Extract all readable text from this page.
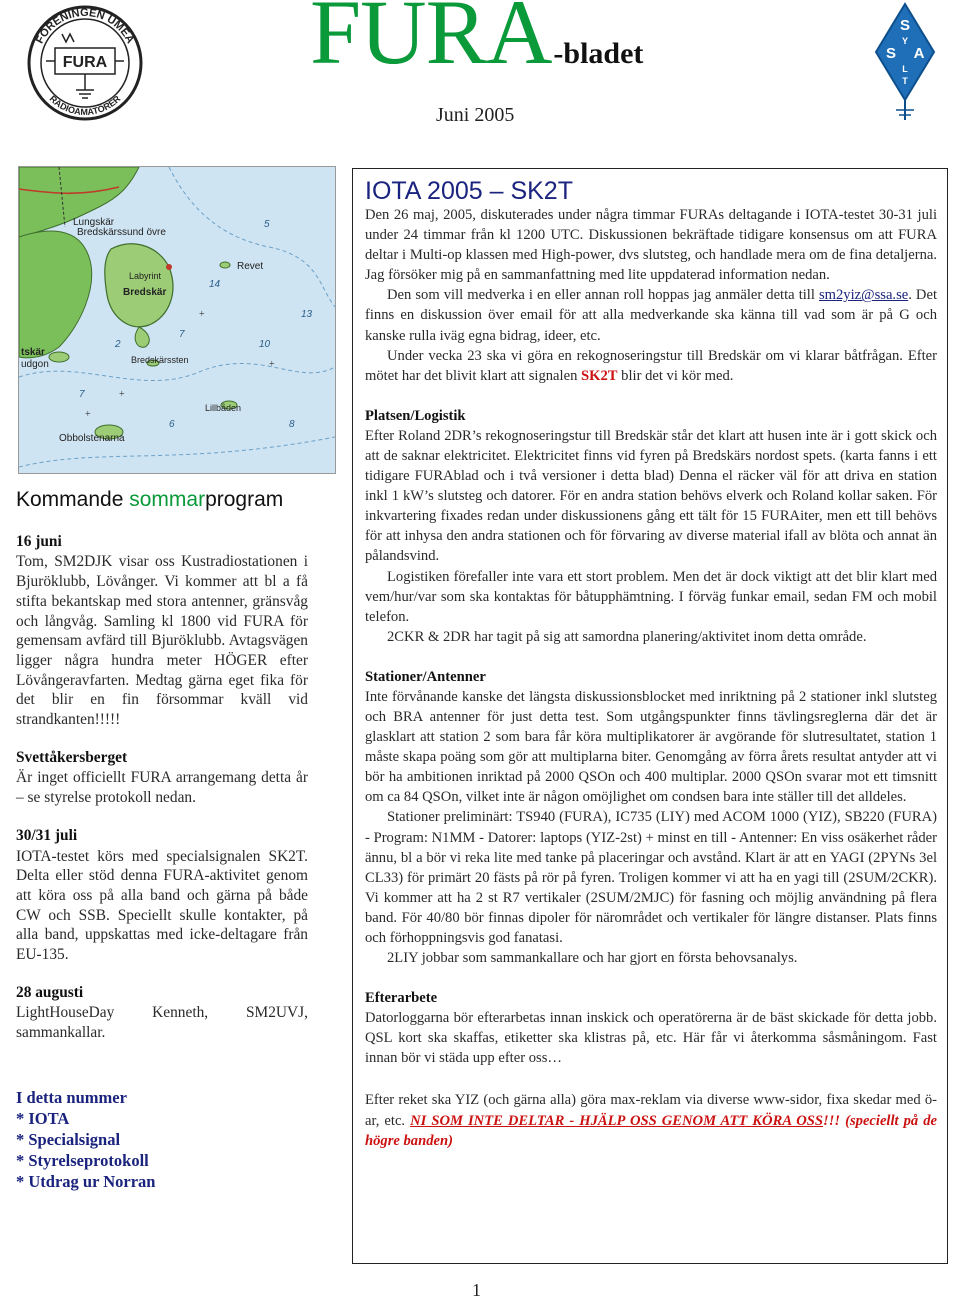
FÖRENINGEN UMEÅ
RADIOAMATÖRER
FURA FURA-bladet
Juni 2005
S
S A
Y
L
T
+
+
+
+
Lungskär
Bredskärssund övre
Labyrint
Bredskär
Revet
tskär
udgon	Bredskärssten
Lillbåden
Obbolstenarna
14
5
13
7
10
7
6	8
2
Kommande sommarprogram
16 juni

Tom, SM2DJK visar oss Kustradiostationen i Bjuröklubb, Lövånger. Vi kommer att bl a få stifta bekantskap med stora antenner, gränsvåg och långvåg. Samling kl 1800 vid FURA för gemensam avfärd till Bjuröklubb. Avtagsvägen ligger några hundra meter HÖGER efter Lövångeravfarten. Medtag gärna eget fika för det blir en fin försommar kväll vid strandkanten!!!!!

Svettåkersberget

Är inget officiellt FURA arrangemang detta år – se styrelse protokoll nedan.

30/31 juli

IOTA-testet körs med specialsignalen SK2T. Delta eller stöd denna FURA-aktivitet genom att köra oss på alla band och gärna på både CW och SSB. Speciellt skulle kontakter, på alla band, uppskattas med icke-deltagare från EU-135.

28 augusti

LightHouseDay Kenneth, SM2UVJ, sammankallar.

I detta nummer
* IOTA
* Specialsignal
* Styrelseprotokoll
* Utdrag ur Norran
IOTA 2005 – SK2T

Den 26 maj, 2005, diskuterades under några timmar FURAs deltagande i IOTA-testet 30-31 juli under 24 timmar från kl 1200 UTC. Diskussionen bekräftade tidigare konsensus om att FURA deltar i Multi-op klassen med High-power, dvs slutsteg, och handlade mera om de fina detaljerna. Jag försöker mig på en sammanfattning med lite uppdaterad information nedan.

Den som vill medverka i en eller annan roll hoppas jag anmäler detta till sm2yiz@ssa.se. Det finns en diskussion över email för att alla medverkande ska känna till vad som är på G och kanske rulla iväg egna bidrag, ideer, etc.

Under vecka 23 ska vi göra en rekognoseringstur till Bredskär om vi klarar båtfrågan. Efter mötet har det blivit klart att signalen SK2T blir det vi kör med.

Platsen/Logistik

Efter Roland 2DR’s rekognoseringstur till Bredskär står det klart att husen inte är i gott skick och att de saknar elektricitet. Elektricitet finns vid fyren på Bredskärs nordost spets. (karta fanns i ett tidigare FURAblad och i två versioner i detta blad) Denna el räcker väl för att driva en station inkl 1 kW’s slutsteg och datorer. För en andra station behövs elverk och Roland kollar saken. För inkvartering fixades redan under diskussionens gång ett tält för 15 FURAiter, men ett till behövs för att inhysa den andra stationen och för förvaring av diverse material ifall av blöta och annat än pålandsvind.

Logistiken förefaller inte vara ett stort problem. Men det är dock viktigt att det blir klart med vem/hur/var som ska kontaktas för båtupphämtning. I förväg funkar email, sedan FM och mobil telefon.

2CKR & 2DR har tagit på sig att samordna planering/aktivitet inom detta område.

Stationer/Antenner

Inte förvånande kanske det längsta diskussionsblocket med inriktning på 2 stationer inkl slutsteg och BRA antenner för just detta test. Som utgångspunkter finns tävlingsreglerna där det är glasklart att station 2 som bara får köra multiplikatorer är avgörande för slutresultatet, station 1 måste skapa poäng som gör att multiplarna biter. Genomgång av förra årets resultat antyder att vi bör ha ambitionen inriktad på 2000 QSOn och 400 multiplar. 2000 QSOn svarar mot ett timsnitt om ca 84 QSOn, vilket inte är någon omöjlighet om condsen bara inte ställer till det alldeles.

Stationer preliminärt: TS940 (FURA), IC735 (LIY) med ACOM 1000 (YIZ), SB220 (FURA) - Program: N1MM - Datorer: laptops (YIZ-2st) + minst en till - Antenner: En viss osäkerhet råder ännu, bl a bör vi reka lite med tanke på placeringar och avstånd. Klart är att en YAGI (2PYNs 3el CL33) för primärt 20 fästs på rör på fyren. Troligen kommer vi att ha en yagi till (2SUM/2CKR). Vi kommer att ha 2 st R7 vertikaler (2SUM/2MJC) för fasning och möjlig användning på flera band. För 40/80 bör finnas dipoler för närområdet och vertikaler för längre distanser. Plats finns och förhoppningsvis god fanatasi.

2LIY jobbar som sammankallare och har gjort en första behovsanalys.

Efterarbete

Datorloggarna bör efterarbetas innan inskick och operatörerna är de bäst skickade för detta jobb. QSL kort ska skaffas, etiketter ska klistras på, etc. Här får vi återkomma såsmåningom. Fast innan bör vi städa upp efter oss…

Efter reket ska YIZ (och gärna alla) göra max-reklam via diverse www-sidor, fixa skedar med ö-ar, etc. NI SOM INTE DELTAR - HJÄLP OSS GENOM ATT KÖRA OSS!!! (speciellt på de högre banden)

1
